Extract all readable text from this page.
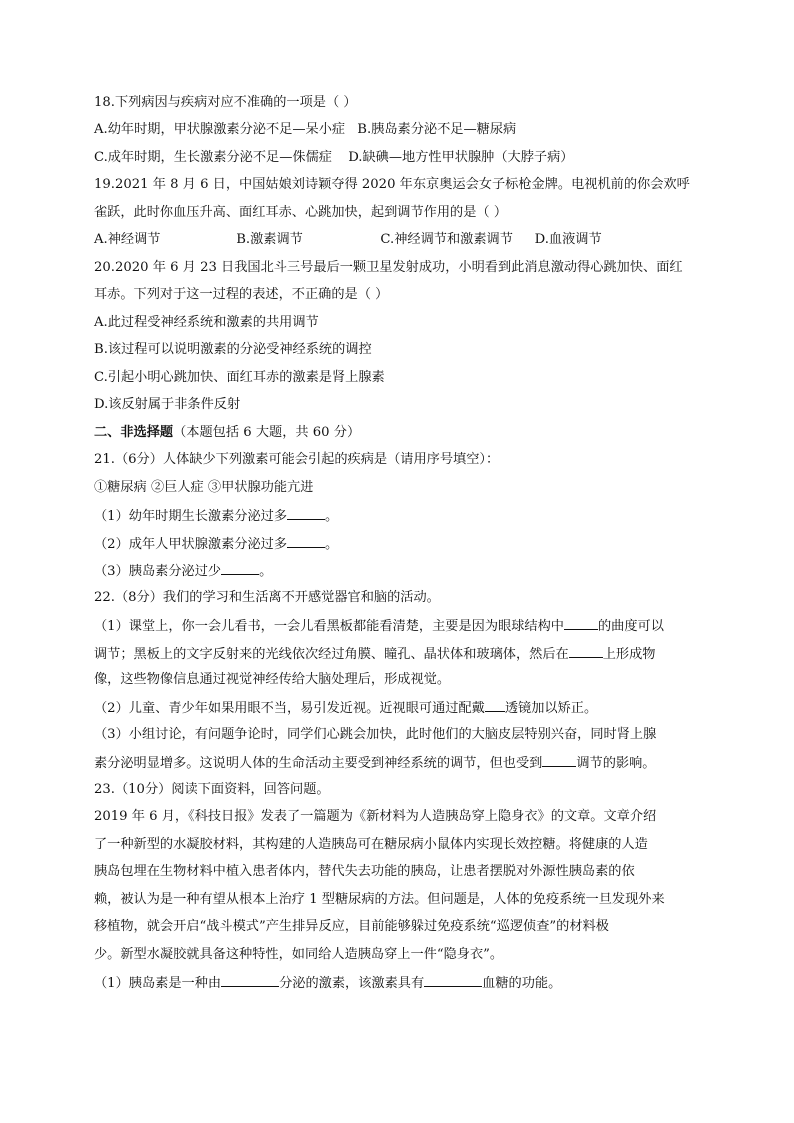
18.下列病因与疾病对应不准确的一项是（ ）
A.幼年时期，甲状腺激素分泌不足—呆小症 B.胰岛素分泌不足—糖尿病
C.成年时期，生长激素分泌不足—侏儒症 D.缺碘—地方性甲状腺肿（大脖子病）
19.2021 年 8 月 6 日，中国姑娘刘诗颖夺得 2020 年东京奥运会女子标枪金牌。电视机前的你会欢呼
雀跃，此时你血压升高、面红耳赤、心跳加快，起到调节作用的是（ ）
A.神经调节	B.激素调节	C.神经调节和激素调节 D.血液调节
20.2020 年 6 月 23 日我国北斗三号最后一颗卫星发射成功，小明看到此消息激动得心跳加快、面红
耳赤。下列对于这一过程的表述，不正确的是（ ）
A.此过程受神经系统和激素的共用调节
B.该过程可以说明激素的分泌受神经系统的调控
C.引起小明心跳加快、面红耳赤的激素是肾上腺素
D.该反射属于非条件反射
二、非选择题（本题包括 6 大题，共 60 分）
21.（6分）人体缺少下列激素可能会引起的疾病是（请用序号填空）：
①糖尿病 ②巨人症 ③甲状腺功能亢进
（1）幼年时期生长激素分泌过多	。
（2）成年人甲状腺激素分泌过多	。
（3）胰岛素分泌过少	。
22.（8分）我们的学习和生活离不开感觉器官和脑的活动。
（1）课堂上，你一会儿看书，一会儿看黑板都能看清楚，主要是因为眼球结构中	的曲度可以
调节；黑板上的文字反射来的光线依次经过角膜、瞳孔、晶状体和玻璃体，然后在	上形成物
像，这些物像信息通过视觉神经传给大脑处理后，形成视觉。
（2）儿童、青少年如果用眼不当，易引发近视。近视眼可通过配戴 透镜加以矫正。
（3）小组讨论，有问题争论时，同学们心跳会加快，此时他们的大脑皮层特别兴奋，同时肾上腺
素分泌明显增多。这说明人体的生命活动主要受到神经系统的调节，但也受到	调节的影响。
23.（10分）阅读下面资料，回答问题。
2019 年 6 月，《科技日报》发表了一篇题为《新材料为人造胰岛穿上隐身衣》的文章。文章介绍
了一种新型的水凝胶材料，其构建的人造胰岛可在糖尿病小鼠体内实现长效控糖。将健康的人造
胰岛包埋在生物材料中植入患者体内，替代失去功能的胰岛，让患者摆脱对外源性胰岛素的依
赖，被认为是一种有望从根本上治疗 1 型糖尿病的方法。但问题是，人体的免疫系统一旦发现外来
移植物，就会开启“战斗模式”产生排异反应，目前能够躲过免疫系统“巡逻侦查”的材料极
少。新型水凝胶就具备这种特性，如同给人造胰岛穿上一件“隐身衣”。
（1）胰岛素是一种由	分泌的激素，该激素具有	血糖的功能。
